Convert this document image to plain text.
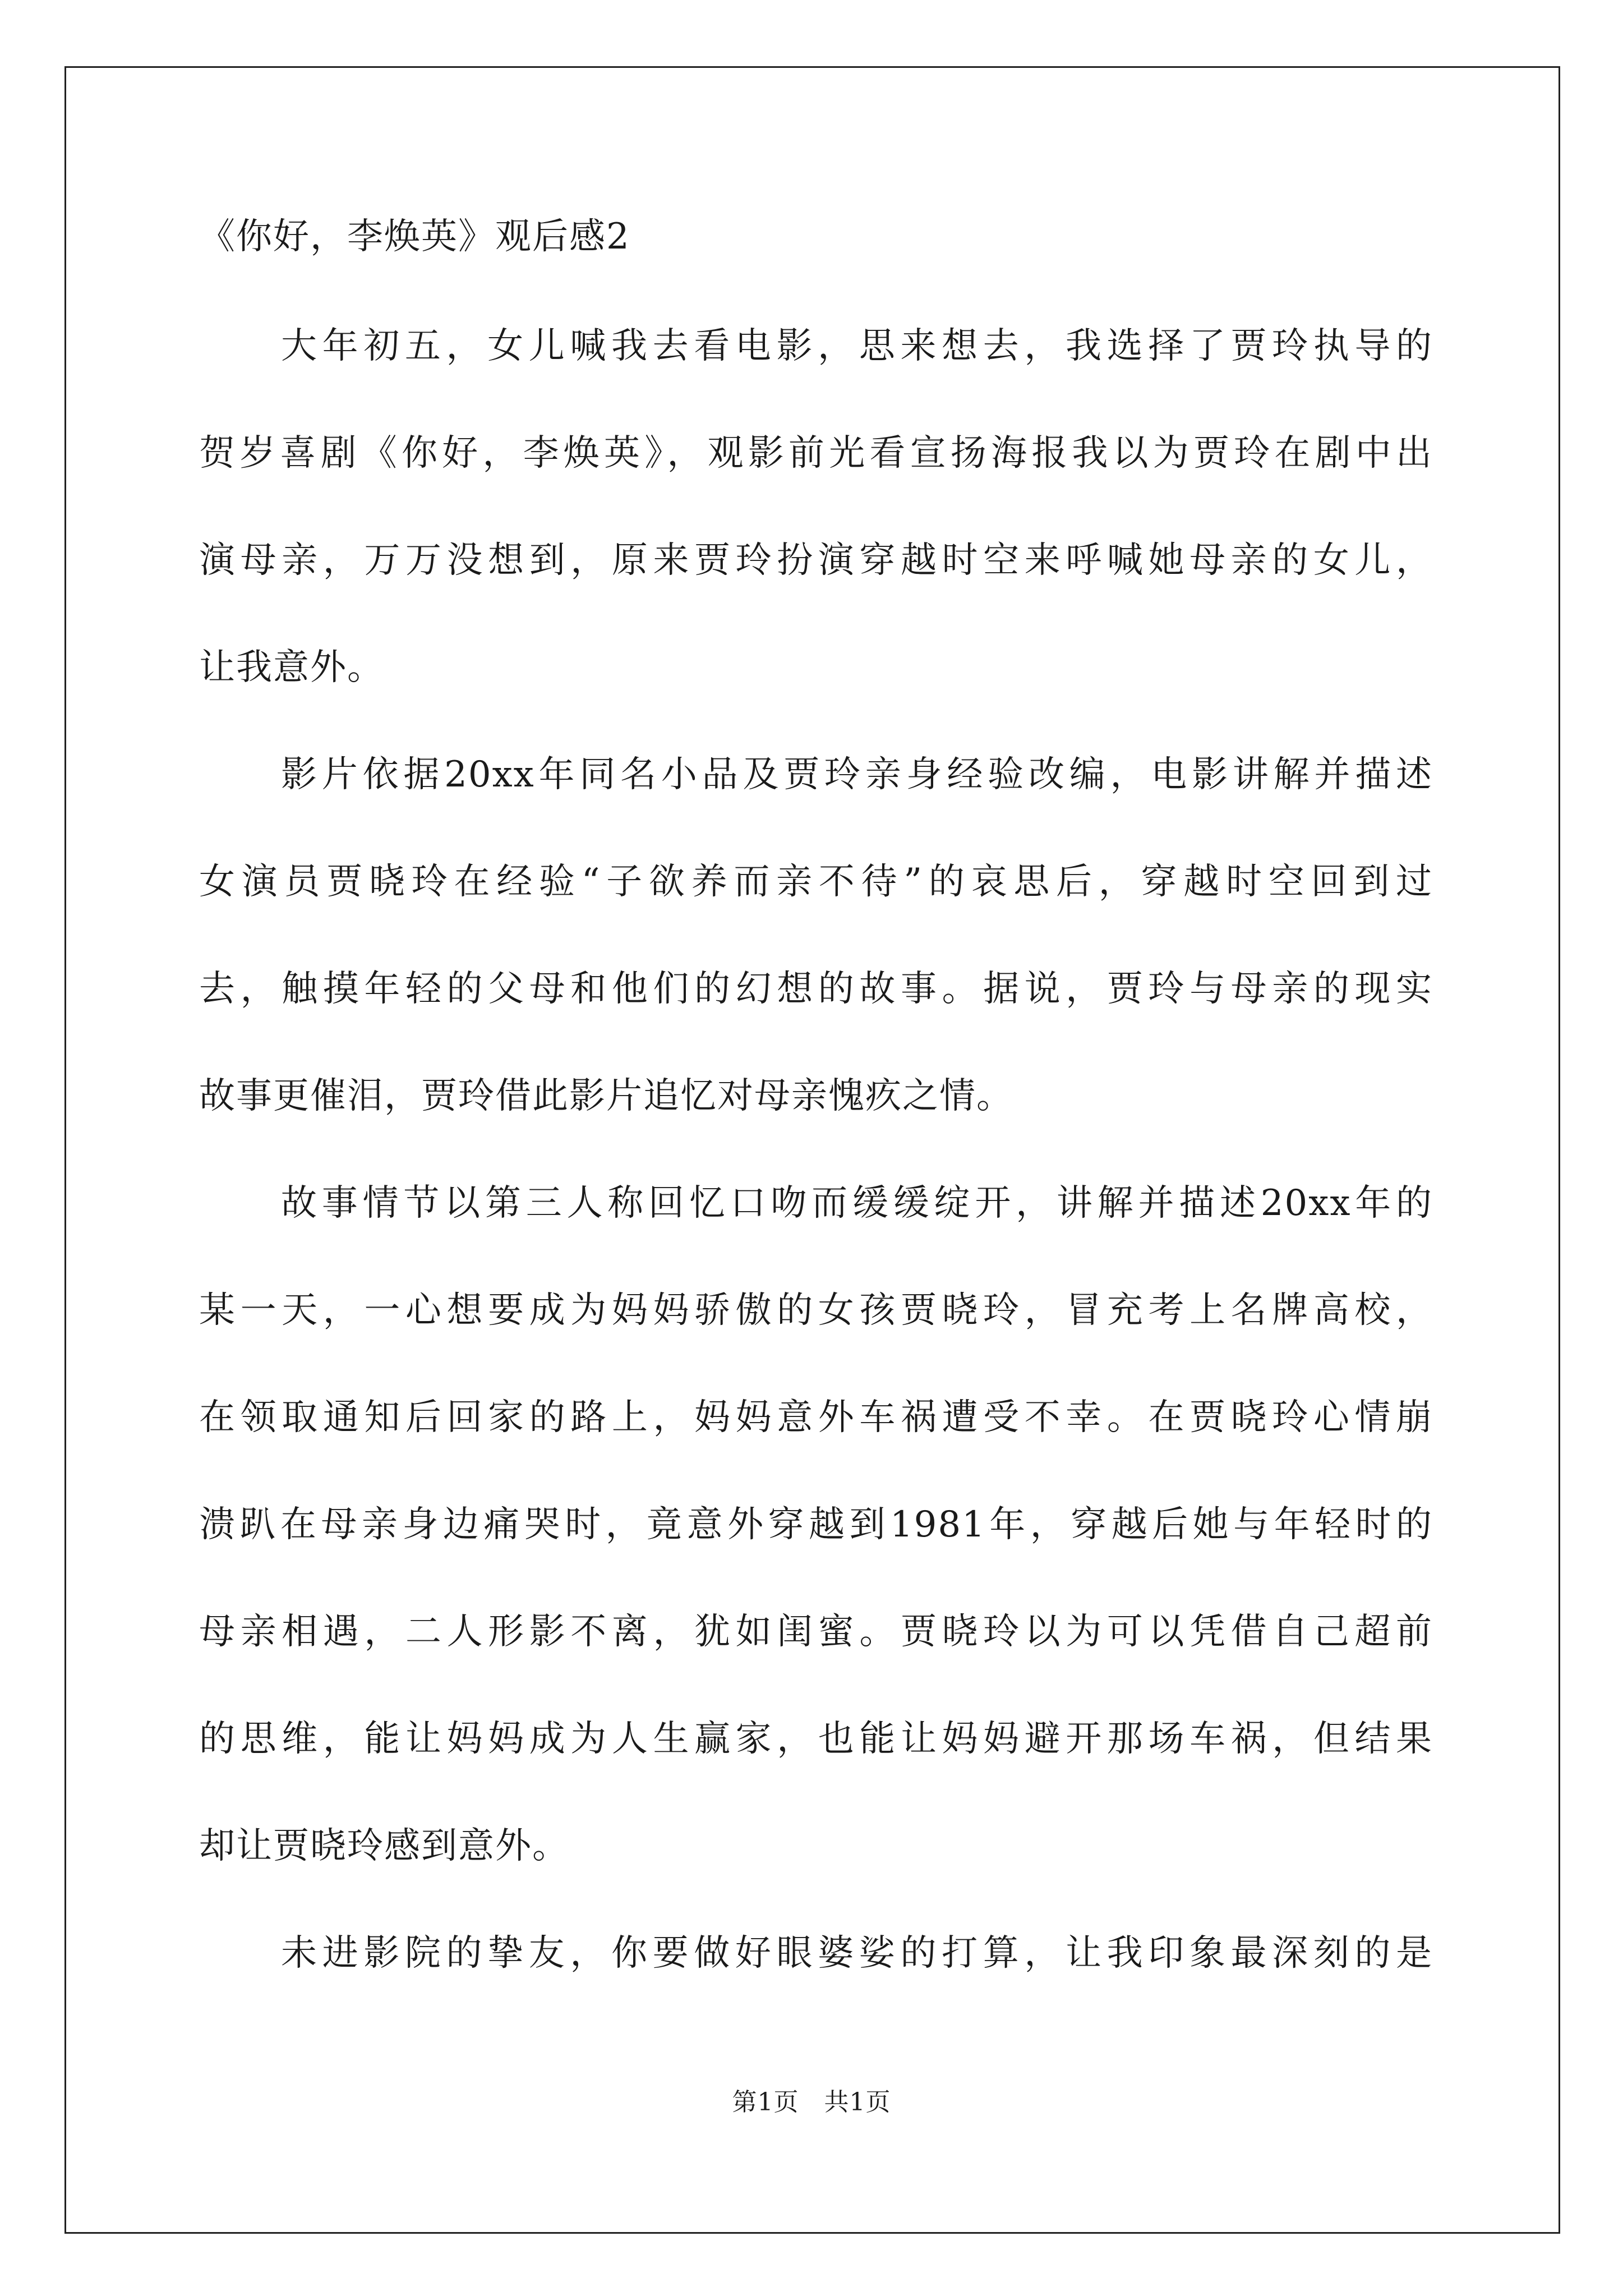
《你好，李焕英》观后感2
大年初五，女儿喊我去看电影，思来想去，我选择了贾玲执导的
贺岁喜剧《你好，李焕英》，观影前光看宣扬海报我以为贾玲在剧中出
演母亲，万万没想到，原来贾玲扮演穿越时空来呼喊她母亲的女儿，
让我意外。
影片依据20xx年同名小品及贾玲亲身经验改编，电影讲解并描述
女演员贾晓玲在经验“子欲养而亲不待”的哀思后，穿越时空回到过
去，触摸年轻的父母和他们的幻想的故事。据说，贾玲与母亲的现实
故事更催泪，贾玲借此影片追忆对母亲愧疚之情。
故事情节以第三人称回忆口吻而缓缓绽开，讲解并描述20xx年的
某一天，一心想要成为妈妈骄傲的女孩贾晓玲，冒充考上名牌高校，
在领取通知后回家的路上，妈妈意外车祸遭受不幸。在贾晓玲心情崩
溃趴在母亲身边痛哭时，竟意外穿越到1981年，穿越后她与年轻时的
母亲相遇，二人形影不离，犹如闺蜜。贾晓玲以为可以凭借自己超前
的思维，能让妈妈成为人生赢家，也能让妈妈避开那场车祸，但结果
却让贾晓玲感到意外。
未进影院的挚友，你要做好眼婆娑的打算，让我印象最深刻的是
第1页　共1页
